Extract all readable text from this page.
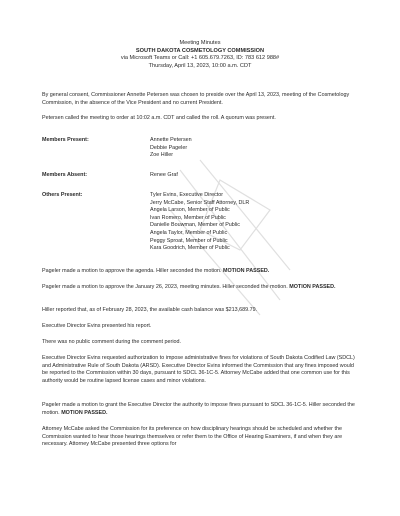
Meeting Minutes
SOUTH DAKOTA COSMETOLOGY COMMISSION
via Microsoft Teams or Call: +1 605.679.7263, ID: 783 612 988#
Thursday, April 13, 2023, 10:00 a.m. CDT
By general consent, Commissioner Annette Petersen was chosen to preside over the April 13, 2023, meeting of the Cosmetology Commission, in the absence of the Vice President and no current President.
Petersen called the meeting to order at 10:02 a.m. CDT and called the roll. A quorum was present.
Members Present:	Annette Petersen
Debbie Pageler
Zoe Hiller
Members Absent:	Renee Graf
Others Present:	Tyler Evins, Executive Director
Jerry McCabe, Senior Staff Attorney, DLR
Angela Larson, Member of Public
Ivan Romero, Member of Public
Danielle Bouwman, Member of Public
Angela Taylor, Member of Public
Peggy Sproat, Member of Public
Kara Goodrich, Member of Public
Pageler made a motion to approve the agenda. Hiller seconded the motion. MOTION PASSED.
Pageler made a motion to approve the January 26, 2023, meeting minutes. Hiller seconded the motion. MOTION PASSED.
Hiller reported that, as of February 28, 2023, the available cash balance was $213,689.79.
Executive Director Evins presented his report.
There was no public comment during the comment period.
Executive Director Evins requested authorization to impose administrative fines for violations of South Dakota Codified Law (SDCL) and Administrative Rule of South Dakota (ARSD). Executive Director Evins informed the Commission that any fines imposed would be reported to the Commission within 30 days, pursuant to SDCL 36-1C-5. Attorney McCabe added that one common use for this authority would be routine lapsed license cases and minor violations.
Pageler made a motion to grant the Executive Director the authority to impose fines pursuant to SDCL 36-1C-5. Hiller seconded the motion. MOTION PASSED.
Attorney McCabe asked the Commission for its preference on how disciplinary hearings should be scheduled and whether the Commission wanted to hear those hearings themselves or refer them to the Office of Hearing Examiners, if and when they are necessary. Attorney McCabe presented three options for
